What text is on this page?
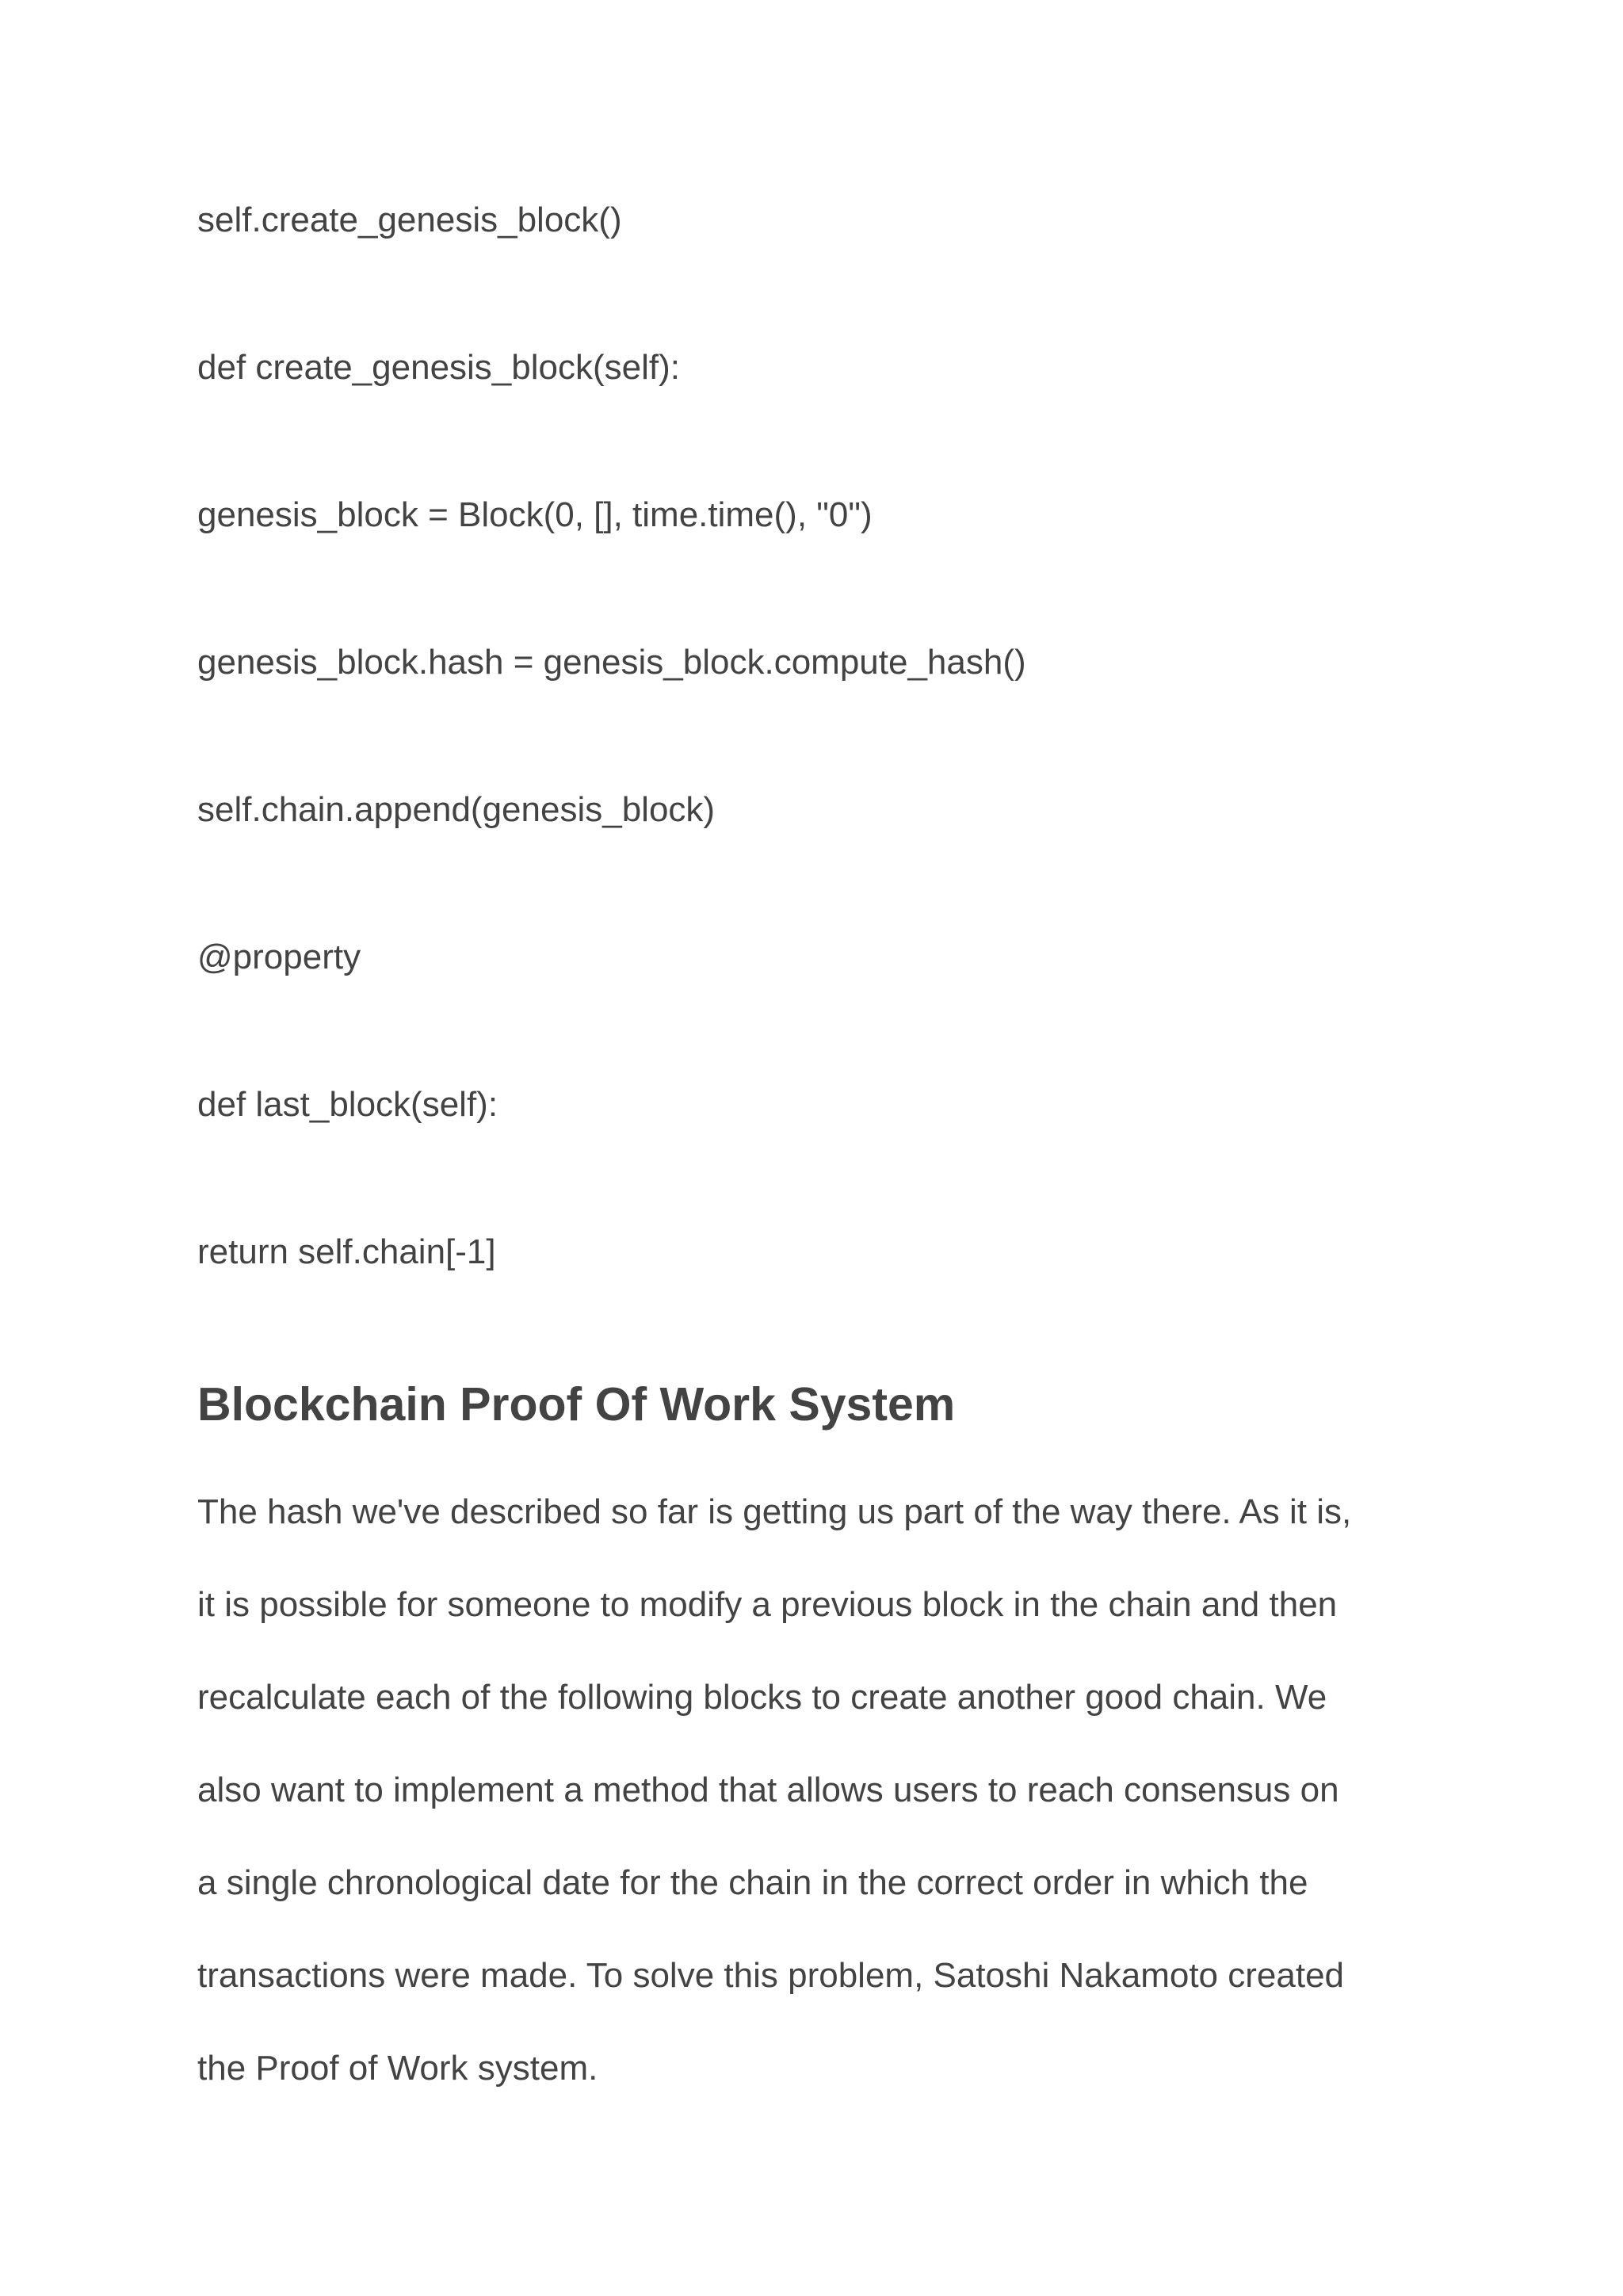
self.create_genesis_block()

def create_genesis_block(self):

genesis_block = Block(0, [], time.time(), "0")

genesis_block.hash = genesis_block.compute_hash()

self.chain.append(genesis_block)

@property

def last_block(self):

return self.chain[-1]

Blockchain Proof Of Work System

The hash we've described so far is getting us part of the way there. As it is,

it is possible for someone to modify a previous block in the chain and then

recalculate each of the following blocks to create another good chain. We

also want to implement a method that allows users to reach consensus on

a single chronological date for the chain in the correct order in which the

transactions were made. To solve this problem, Satoshi Nakamoto created

the Proof of Work system.
